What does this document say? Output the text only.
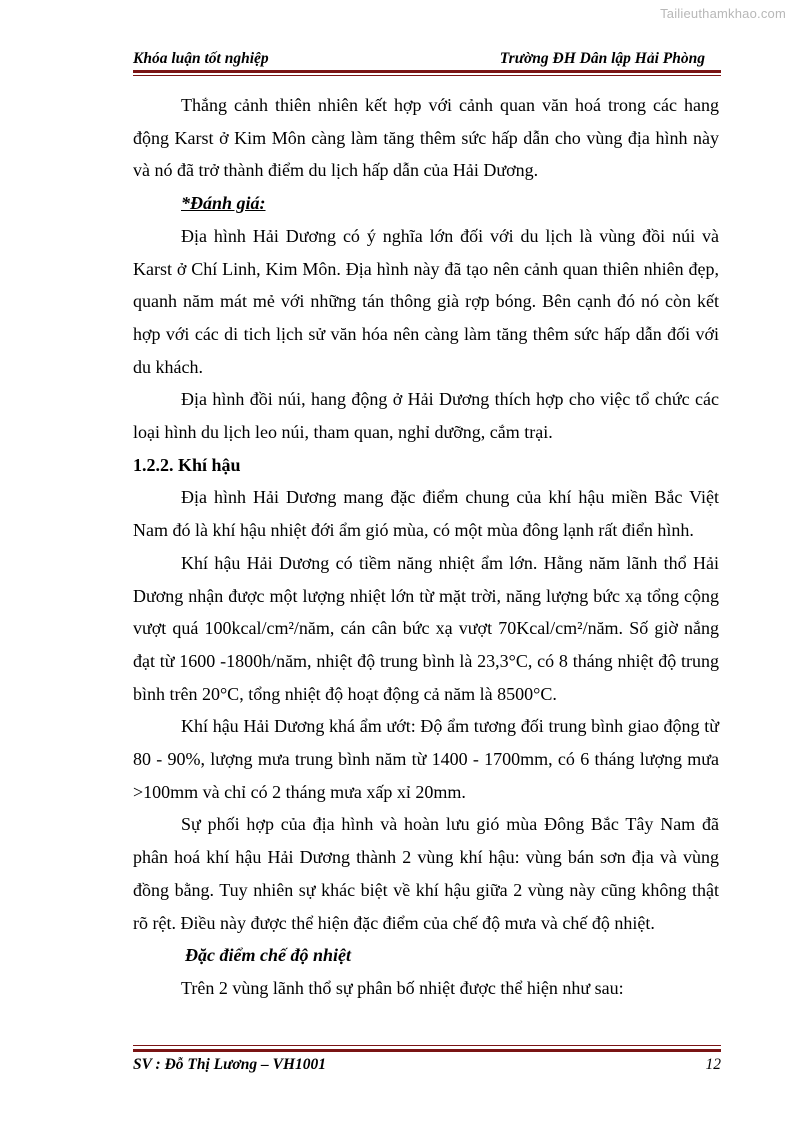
Tailieuthamkhao.com
Khóa luận tốt nghiệp	Trường ĐH Dân lập Hải Phòng

Thắng cảnh thiên nhiên kết hợp với cảnh quan văn hoá trong các hang động Karst ở Kim Môn càng làm tăng thêm sức hấp dẫn cho vùng địa hình này và nó đã trở thành điểm du lịch hấp dẫn của Hải Dương.

*Đánh giá:

Địa hình Hải Dương có ý nghĩa lớn đối với du lịch là vùng đồi núi và Karst ở Chí Linh, Kim Môn. Địa hình này đã tạo nên cảnh quan thiên nhiên đẹp, quanh năm mát mẻ với những tán thông già rợp bóng. Bên cạnh đó nó còn kết hợp với các di tich lịch sử văn hóa nên càng làm tăng thêm sức hấp dẫn đối với du khách.

Địa hình đồi núi, hang động ở Hải Dương thích hợp cho việc tổ chức các loại hình du lịch leo núi, tham quan, nghỉ dưỡng, cắm trại.

1.2.2. Khí hậu

Địa hình Hải Dương mang đặc điểm chung của khí hậu miền Bắc Việt Nam đó là khí hậu nhiệt đới ẩm gió mùa, có một mùa đông lạnh rất điển hình.

Khí hậu Hải Dương có tiềm năng nhiệt ẩm lớn. Hằng năm lãnh thổ Hải Dương nhận được một lượng nhiệt lớn từ mặt trời, năng lượng bức xạ tổng cộng vượt quá 100kcal/cm²/năm, cán cân bức xạ vượt 70Kcal/cm²/năm. Số giờ nắng đạt từ 1600 -1800h/năm, nhiệt độ trung bình là 23,3°C, có 8 tháng nhiệt độ trung bình trên 20°C, tổng nhiệt độ hoạt động cả năm là 8500°C.

Khí hậu Hải Dương khá ẩm ướt: Độ ẩm tương đối trung bình giao động từ 80 - 90%, lượng mưa trung bình năm từ 1400 - 1700mm, có 6 tháng lượng mưa >100mm và chỉ có 2 tháng mưa xấp xỉ 20mm.

Sự phối hợp của địa hình và hoàn lưu gió mùa Đông Bắc Tây Nam đã phân hoá khí hậu Hải Dương thành 2 vùng khí hậu: vùng bán sơn địa và vùng đồng bằng. Tuy nhiên sự khác biệt về khí hậu giữa 2 vùng này cũng không thật rõ rệt. Điều này được thể hiện đặc điểm của chế độ mưa và chế độ nhiệt.

Đặc điểm chế độ nhiệt

Trên 2 vùng lãnh thổ sự phân bố nhiệt được thể hiện như sau:

SV : Đỗ Thị Lương – VH1001	12
